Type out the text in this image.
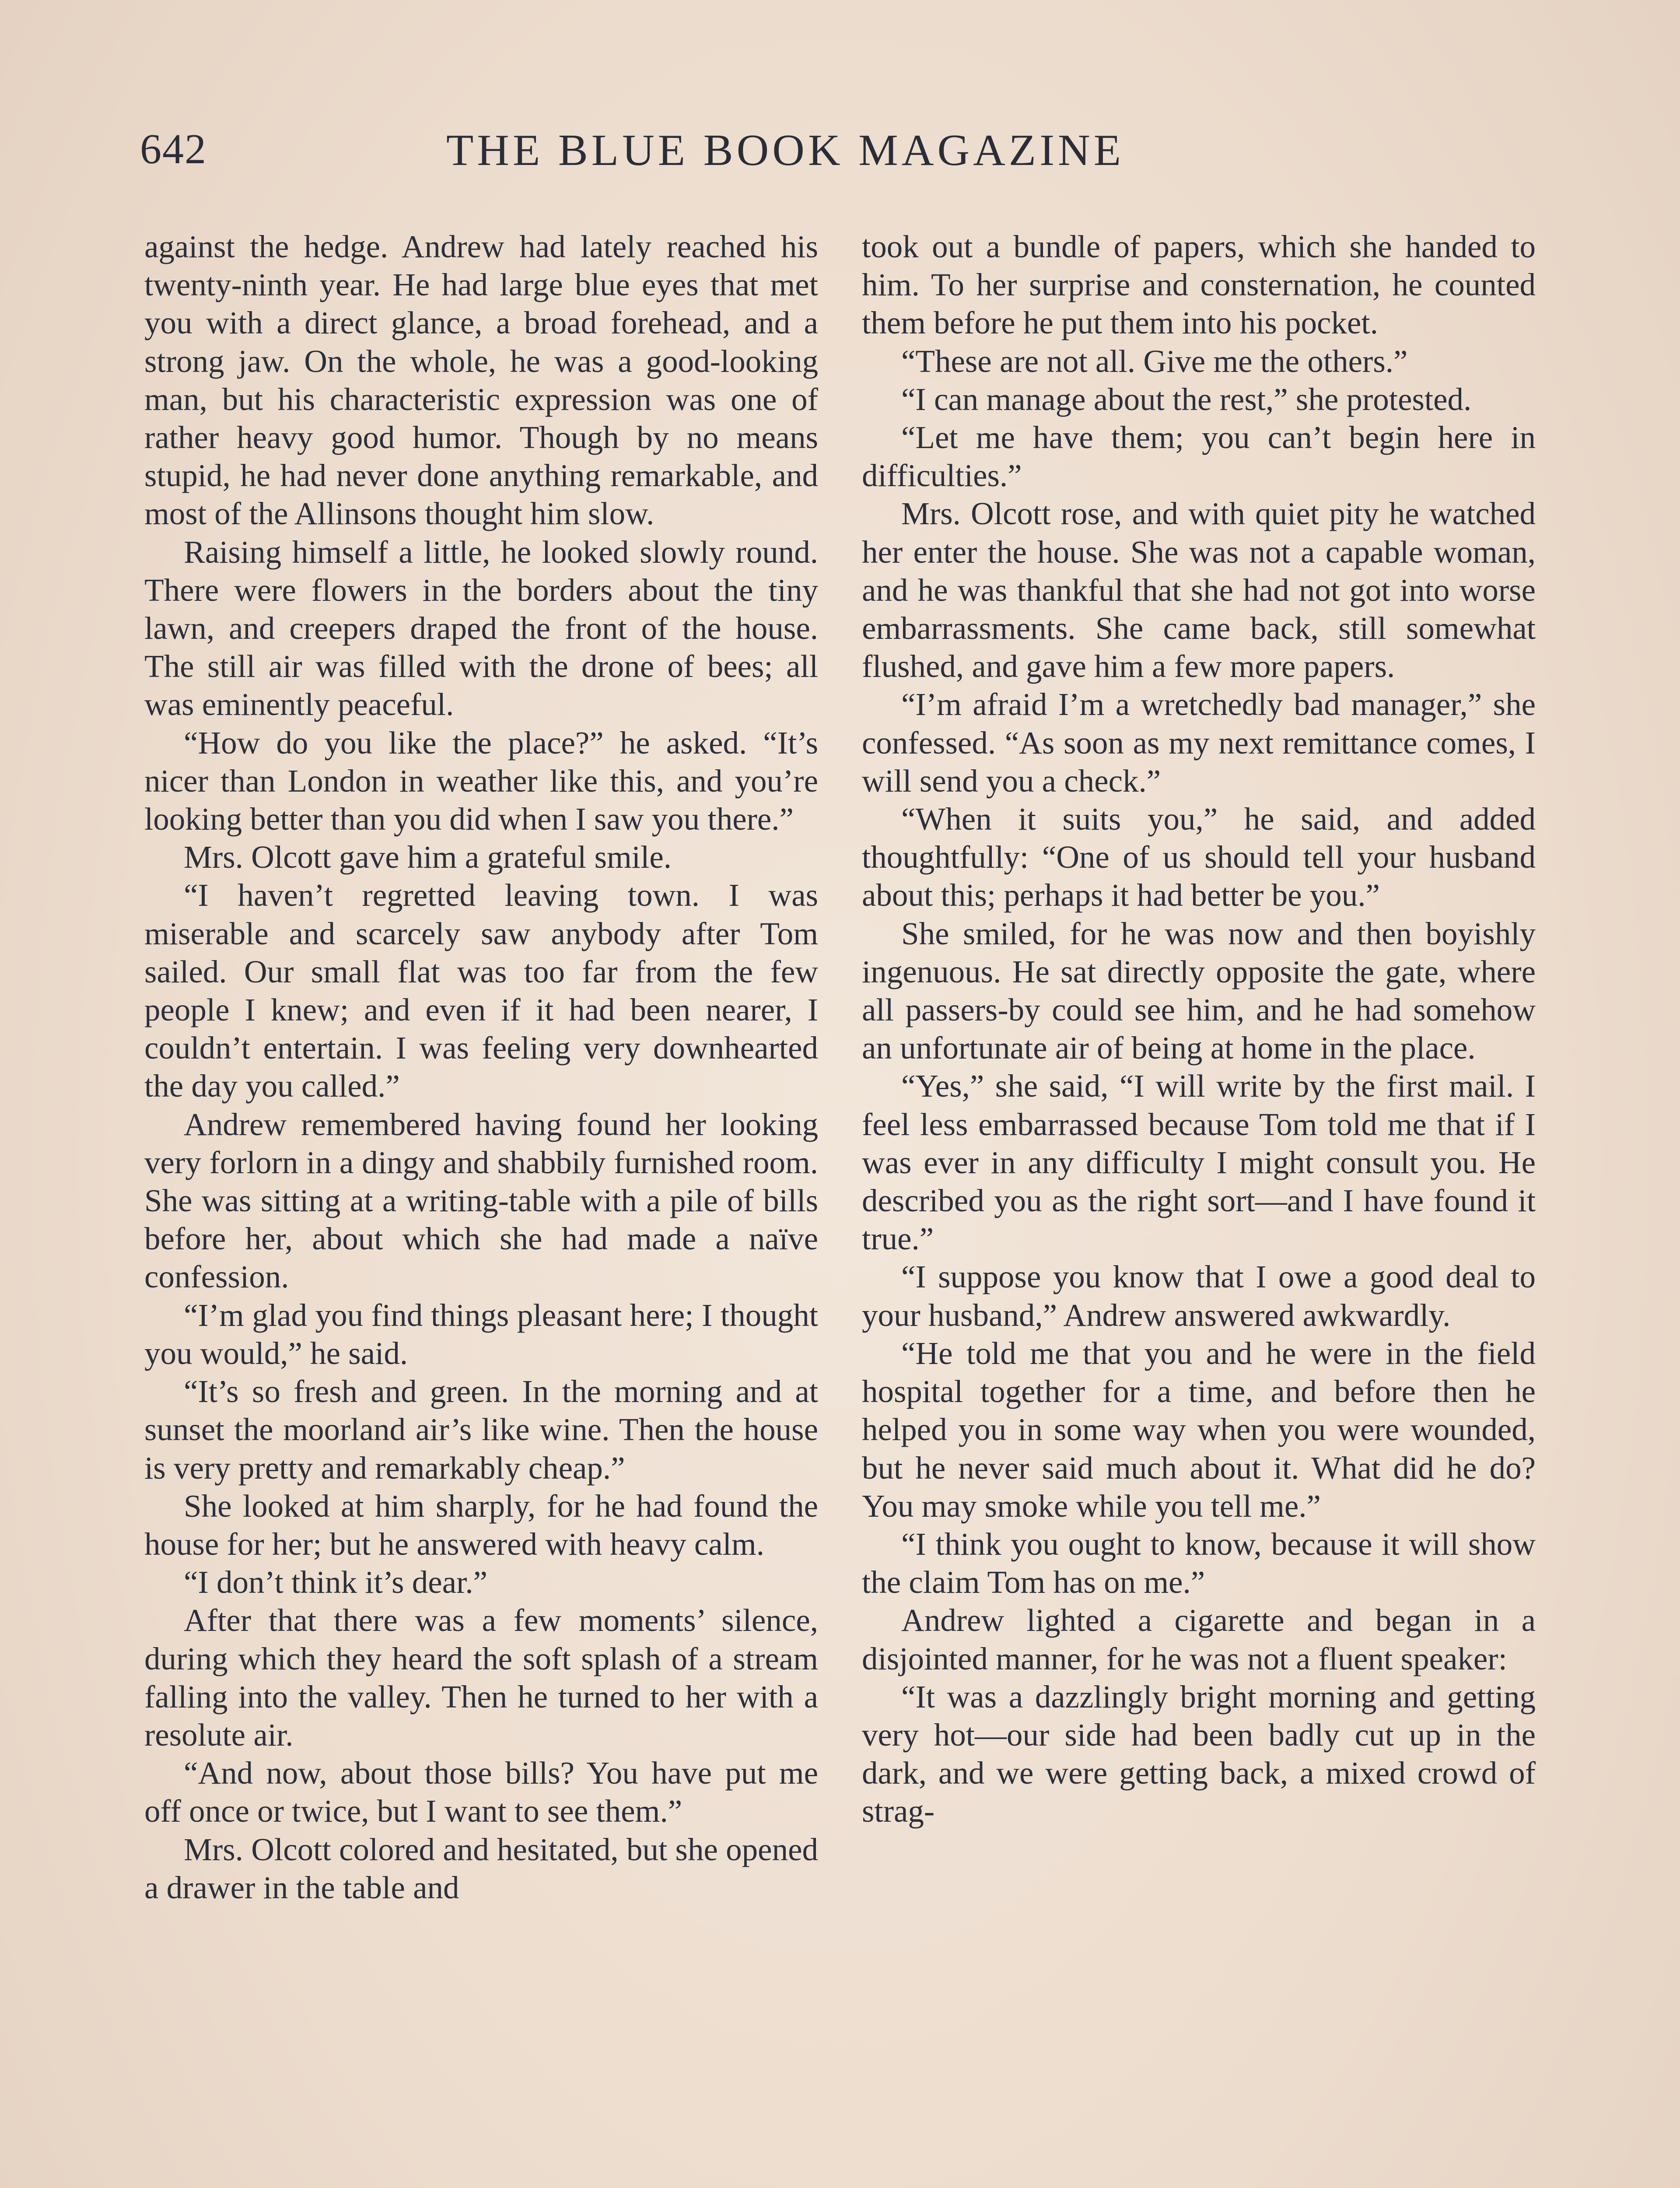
642	THE BLUE BOOK MAGAZINE

against the hedge. Andrew had lately reached his twenty-ninth year. He had large blue eyes that met you with a direct glance, a broad forehead, and a strong jaw. On the whole, he was a good-looking man, but his characteristic expression was one of rather heavy good humor. Though by no means stupid, he had never done anything remarkable, and most of the Allinsons thought him slow.

Raising himself a little, he looked slowly round. There were flowers in the borders about the tiny lawn, and creepers draped the front of the house. The still air was filled with the drone of bees; all was eminently peaceful.

“How do you like the place?” he asked. “It’s nicer than London in weather like this, and you’re looking better than you did when I saw you there.”

Mrs. Olcott gave him a grateful smile.

“I haven’t regretted leaving town. I was miserable and scarcely saw anybody after Tom sailed. Our small flat was too far from the few people I knew; and even if it had been nearer, I couldn’t entertain. I was feeling very downhearted the day you called.”

Andrew remembered having found her looking very forlorn in a dingy and shabbily furnished room. She was sitting at a writing-table with a pile of bills before her, about which she had made a naïve confession.

“I’m glad you find things pleasant here; I thought you would,” he said.

“It’s so fresh and green. In the morning and at sunset the moorland air’s like wine. Then the house is very pretty and remarkably cheap.”

She looked at him sharply, for he had found the house for her; but he answered with heavy calm.

“I don’t think it’s dear.”

After that there was a few moments’ silence, during which they heard the soft splash of a stream falling into the valley. Then he turned to her with a resolute air.

“And now, about those bills? You have put me off once or twice, but I want to see them.”

Mrs. Olcott colored and hesitated, but she opened a drawer in the table and

took out a bundle of papers, which she handed to him. To her surprise and consternation, he counted them before he put them into his pocket.

“These are not all. Give me the others.”

“I can manage about the rest,” she protested.

“Let me have them; you can’t begin here in difficulties.”

Mrs. Olcott rose, and with quiet pity he watched her enter the house. She was not a capable woman, and he was thankful that she had not got into worse embarrassments. She came back, still somewhat flushed, and gave him a few more papers.

“I’m afraid I’m a wretchedly bad manager,” she confessed. “As soon as my next remittance comes, I will send you a check.”

“When it suits you,” he said, and added thoughtfully: “One of us should tell your husband about this; perhaps it had better be you.”

She smiled, for he was now and then boyishly ingenuous. He sat directly opposite the gate, where all passers-by could see him, and he had somehow an unfortunate air of being at home in the place.

“Yes,” she said, “I will write by the first mail. I feel less embarrassed because Tom told me that if I was ever in any difficulty I might consult you. He described you as the right sort—and I have found it true.”

“I suppose you know that I owe a good deal to your husband,” Andrew answered awkwardly.

“He told me that you and he were in the field hospital together for a time, and before then he helped you in some way when you were wounded, but he never said much about it. What did he do? You may smoke while you tell me.”

“I think you ought to know, because it will show the claim Tom has on me.”

Andrew lighted a cigarette and began in a disjointed manner, for he was not a fluent speaker:

“It was a dazzlingly bright morning and getting very hot—our side had been badly cut up in the dark, and we were getting back, a mixed crowd of strag-
